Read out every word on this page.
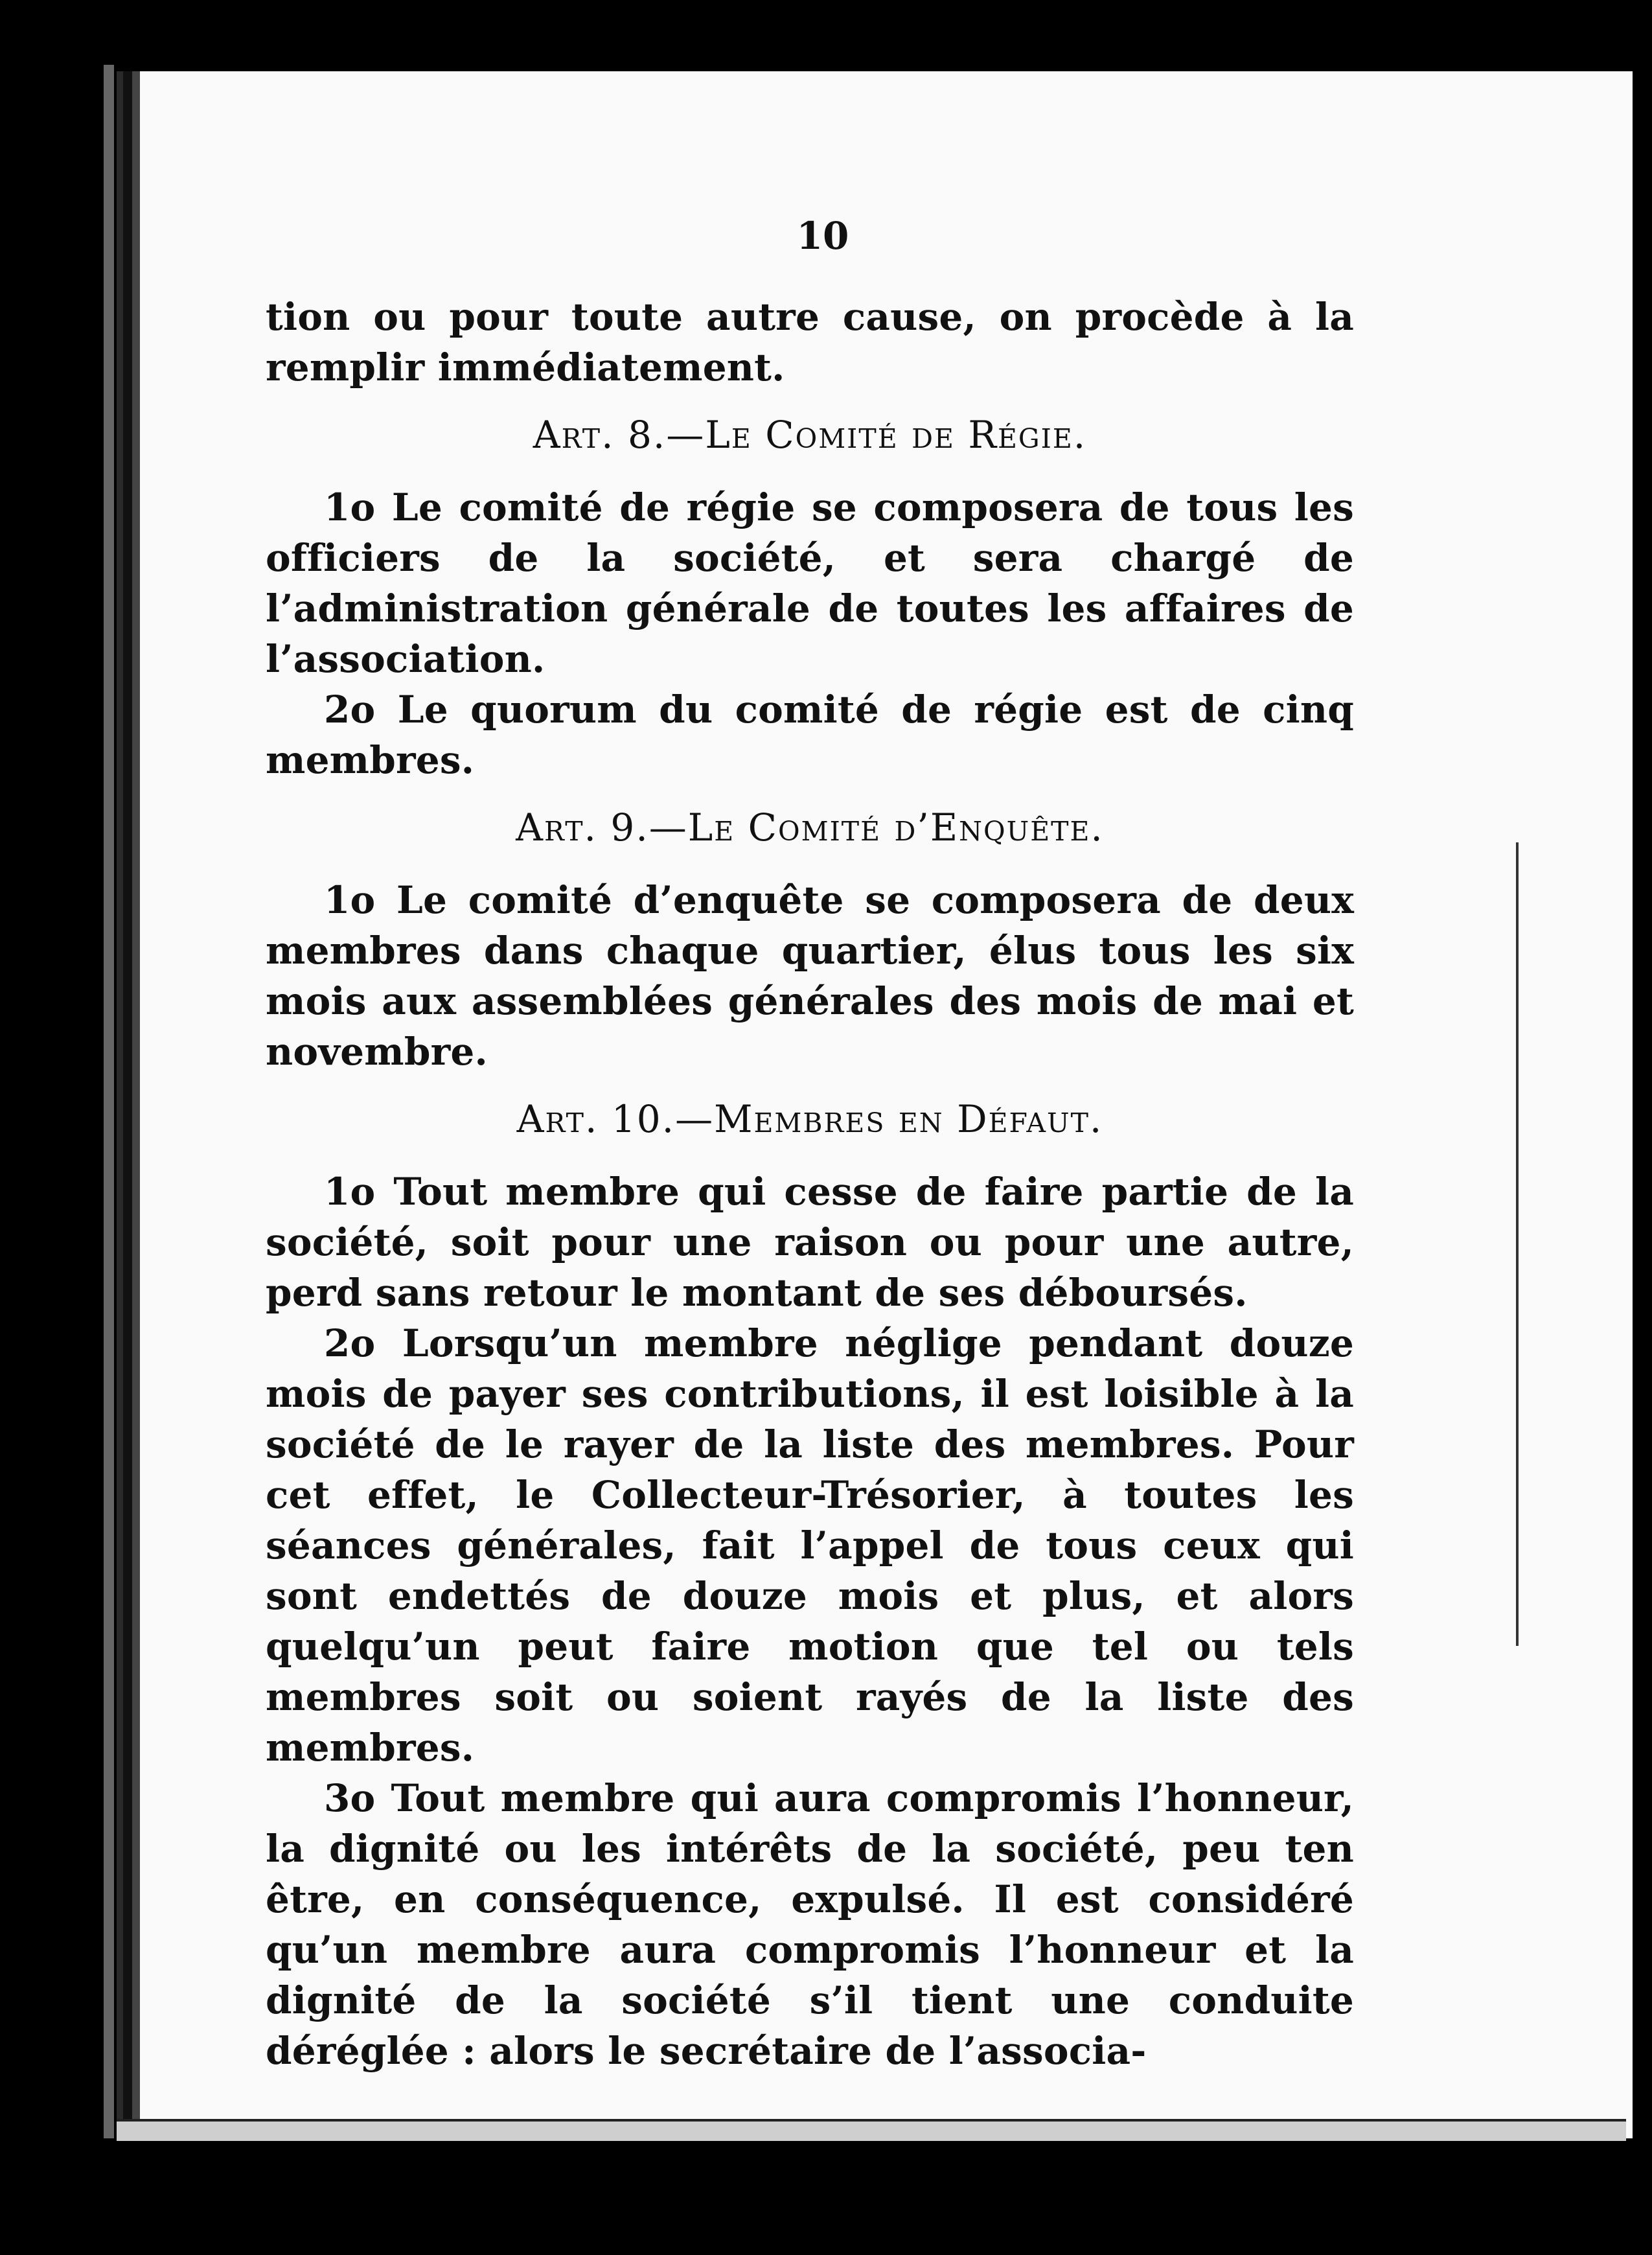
10

tion ou pour toute autre cause, on procède à la remplir immédiatement.

Art. 8.—Le Comité de Régie.

1o Le comité de régie se composera de tous les officiers de la société, et sera chargé de l’administration générale de toutes les affaires de l’association.

2o Le quorum du comité de régie est de cinq membres.

Art. 9.—Le Comité d’Enquête.

1o Le comité d’enquête se composera de deux membres dans chaque quartier, élus tous les six mois aux assemblées générales des mois de mai et novembre.

Art. 10.—Membres en Défaut.

1o Tout membre qui cesse de faire partie de la société, soit pour une raison ou pour une autre, perd sans retour le montant de ses déboursés.

2o Lorsqu’un membre néglige pendant douze mois de payer ses contributions, il est loisible à la société de le rayer de la liste des membres. Pour cet effet, le Collecteur-Trésorier, à toutes les séances générales, fait l’appel de tous ceux qui sont endettés de douze mois et plus, et alors quelqu’un peut faire motion que tel ou tels membres soit ou soient rayés de la liste des membres.

3o Tout membre qui aura compromis l’honneur, la dignité ou les intérêts de la société, peu ten être, en conséquence, expulsé. Il est considéré qu’un membre aura compromis l’honneur et la dignité de la société s’il tient une conduite déréglée : alors le secrétaire de l’associa-
